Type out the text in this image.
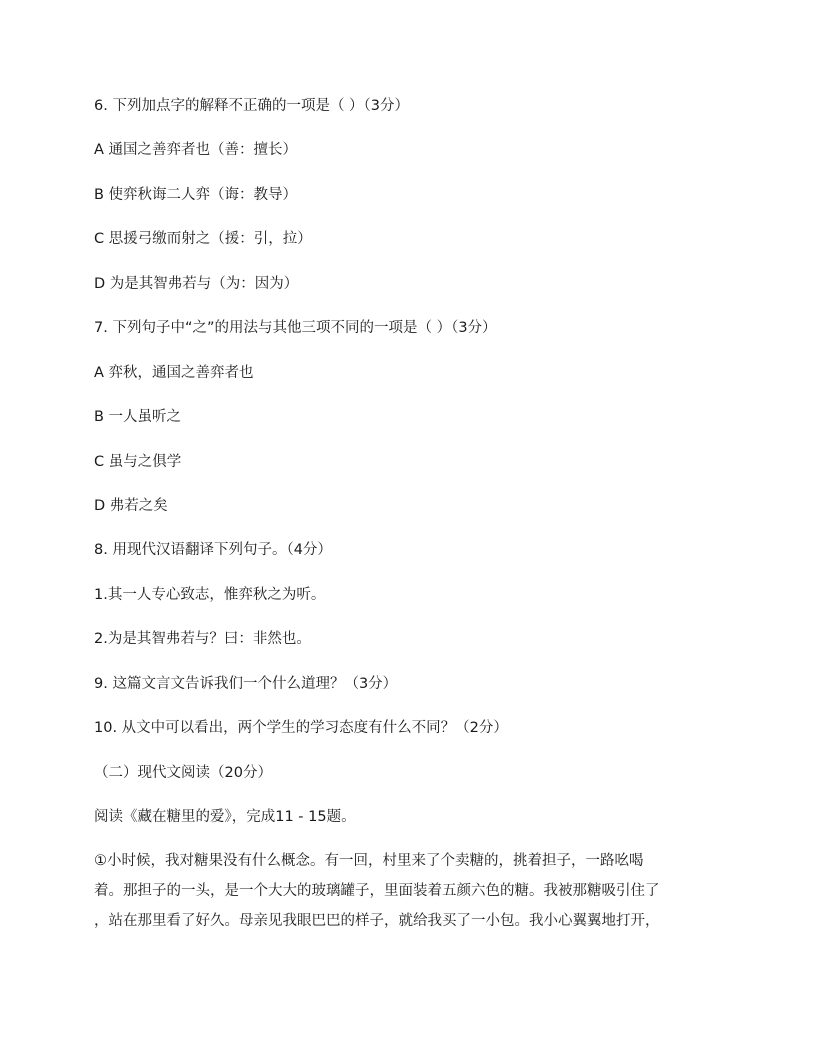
6. 下列加点字的解释不正确的一项是（ ）（3分）
A 通国之善弈者也（善：擅长）
B 使弈秋诲二人弈（诲：教导）
C 思援弓缴而射之（援：引，拉）
D 为是其智弗若与（为：因为）
7. 下列句子中“之”的用法与其他三项不同的一项是（ ）（3分）
A 弈秋，通国之善弈者也
B 一人虽听之
C 虽与之俱学
D 弗若之矣
8. 用现代汉语翻译下列句子。（4分）
1.其一人专心致志，惟弈秋之为听。
2.为是其智弗若与？曰：非然也。
9. 这篇文言文告诉我们一个什么道理？（3分）
10. 从文中可以看出，两个学生的学习态度有什么不同？（2分）
（二）现代文阅读（20分）
阅读《藏在糖里的爱》，完成11 - 15题。
①小时候，我对糖果没有什么概念。有一回，村里来了个卖糖的，挑着担子，一路吆喝
着。那担子的一头，是一个大大的玻璃罐子，里面装着五颜六色的糖。我被那糖吸引住了
，站在那里看了好久。母亲见我眼巴巴的样子，就给我买了一小包。我小心翼翼地打开，
